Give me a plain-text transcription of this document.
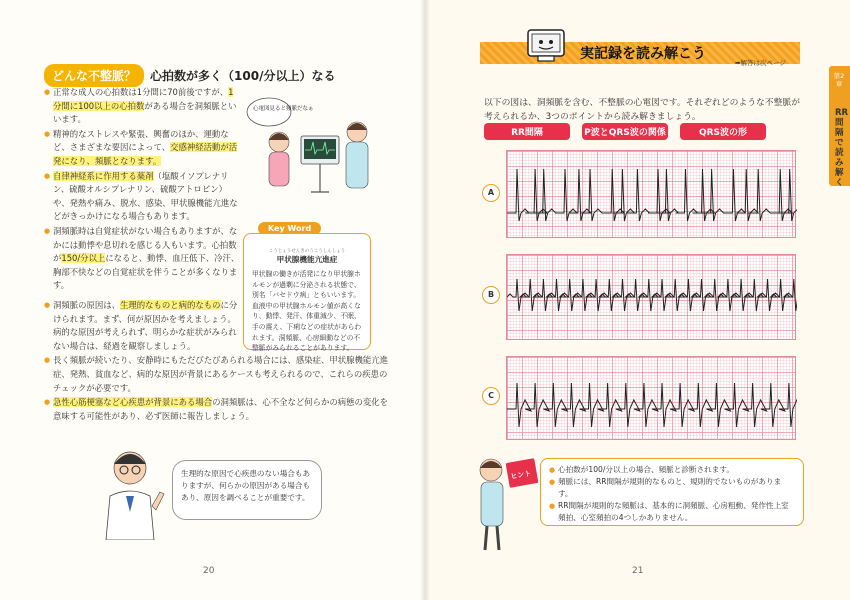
どんな不整脈？	心拍数が多く（100/分以上）なる
● 正常な成人の心拍数は1分間に70前後ですが、1分間に100以上の心拍数がある場合を洞頻脈といいます。
● 精神的なストレスや緊張、興奮のほか、運動など、さまざまな要因によって、交感神経活動が活発になり、頻脈となります。
● 自律神経系に作用する薬剤（塩酸イソプレナリン、硫酸オルシプレナリン、硫酸アトロピン）や、発熱や痛み、脱水、感染、甲状腺機能亢進などがきっかけになる場合もあります。
● 洞頻脈時は自覚症状がない場合もありますが、なかには動悸や息切れを感じる人もいます。心拍数が150/分以上になると、動悸、血圧低下、冷汗、胸部不快などの自覚症状を伴うことが多くなります。
● 洞頻脈の原因は、生理的なものと病的なものに分けられます。まず、何が原因かを考えましょう。病的な原因が考えられず、明らかな症状がみられない場合は、経過を観察しましょう。
● 長く頻脈が続いたり、安静時にもただびたびあられる場合には、感染症、甲状腺機能亢進症、発熱、貧血など、病的な原因が背景にあるケースも考えられるので、これらの疾患のチェックが必要です。
● 急性心筋梗塞など心疾患が背景にある場合の洞頻脈は、心不全など何らかの病態の変化を意味する可能性があり、必ず医師に報告しましょう。
心電図見ると頻脈だなぁ
Key Word
こうじょうせんきのうこうしんしょう
甲状腺機能亢進症
甲状腺の働きが活発になり甲状腺ホルモンが過剰に分泌される状態で、別名「バセドウ病」ともいいます。血液中の甲状腺ホルモン値が高くなり、動悸、発汗、体重減少、不眠、手の震え、下痢などの症状があらわれます。洞頻脈、心房細動などの不整脈がみられることがあります。
生理的な原因で心疾患のない場合もありますが、何らかの原因がある場合もあり、原因を調べることが重要です。
20
実記録を読み解こう
➡解答は次ページ
第2章
RR間隔で読み解く
以下の図は、洞頻脈を含む、不整脈の心電図です。それぞれどのような不整脈が考えられるか、3つのポイントから読み解きましょう。
RR間隔	P波とQRS波の関係	QRS波の形
A
B
C
ヒント
●	心拍数が100/分以上の場合、頻脈と診断されます。
● 頻脈には、RR間隔が規則的なものと、規則的でないものがあります。
● RR間隔が規則的な頻脈は、基本的に洞頻脈、心房粗動、発作性上室頻拍、心室頻拍の4つしかありません。
21
